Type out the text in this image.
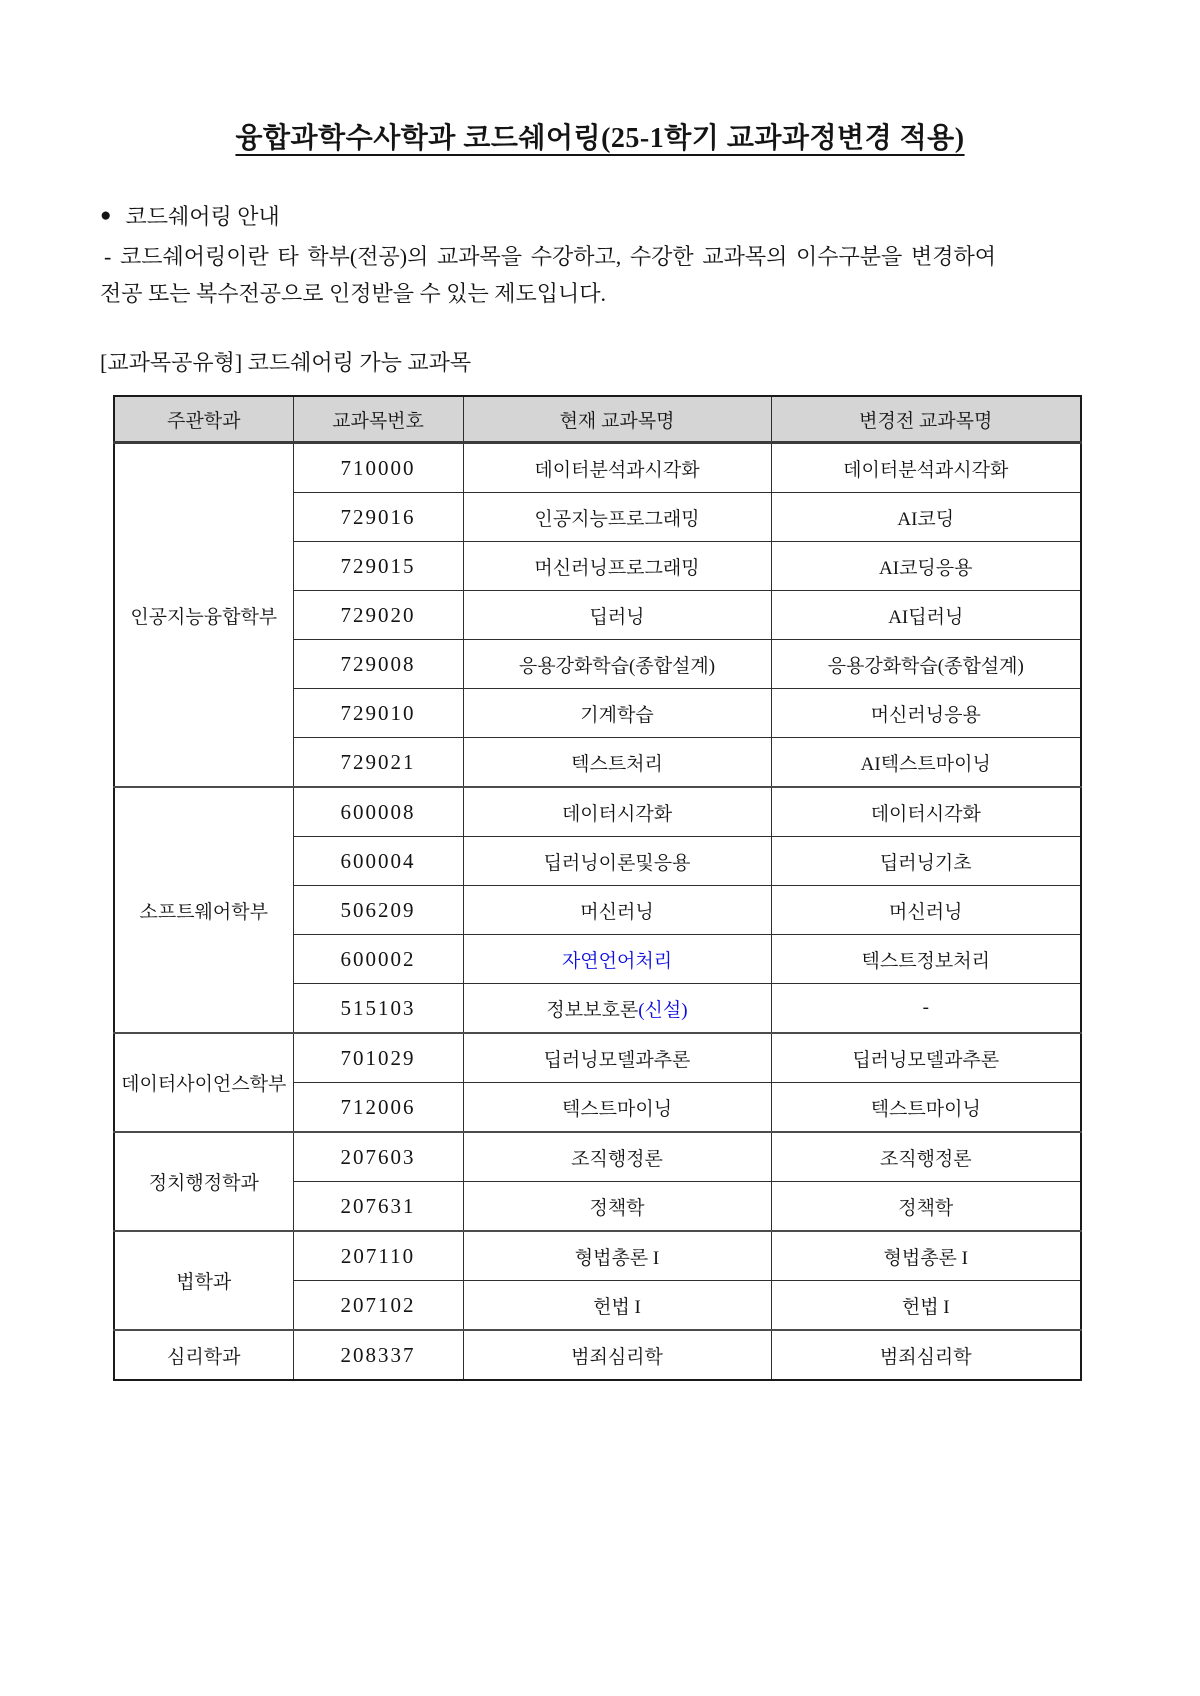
융합과학수사학과 코드쉐어링(25-1학기 교과과정변경 적용)
● 코드쉐어링 안내
- 코드쉐어링이란 타 학부(전공)의 교과목을 수강하고, 수강한 교과목의 이수구분을 변경하여
전공 또는 복수전공으로 인정받을 수 있는 제도입니다.
[교과목공유형] 코드쉐어링 가능 교과목
주관학과	교과목번호	현재 교과목명	변경전 교과목명
인공지능융합학부	710000	데이터분석과시각화	데이터분석과시각화
	729016	인공지능프로그래밍	AI코딩
	729015	머신러닝프로그래밍	AI코딩응용
	729020	딥러닝	AI딥러닝
	729008	응용강화학습(종합설계)	응용강화학습(종합설계)
	729010	기계학습	머신러닝응용
	729021	텍스트처리	AI텍스트마이닝
소프트웨어학부	600008	데이터시각화	데이터시각화
	600004	딥러닝이론및응용	딥러닝기초
	506209	머신러닝	머신러닝
	600002	자연언어처리	텍스트정보처리
	515103	정보보호론(신설)	-
데이터사이언스학부	701029	딥러닝모델과추론	딥러닝모델과추론
	712006	텍스트마이닝	텍스트마이닝
정치행정학과	207603	조직행정론	조직행정론
	207631	정책학	정책학
법학과	207110	형법총론 I	형법총론 I
	207102	헌법 I	헌법 I
심리학과	208337	범죄심리학	범죄심리학
